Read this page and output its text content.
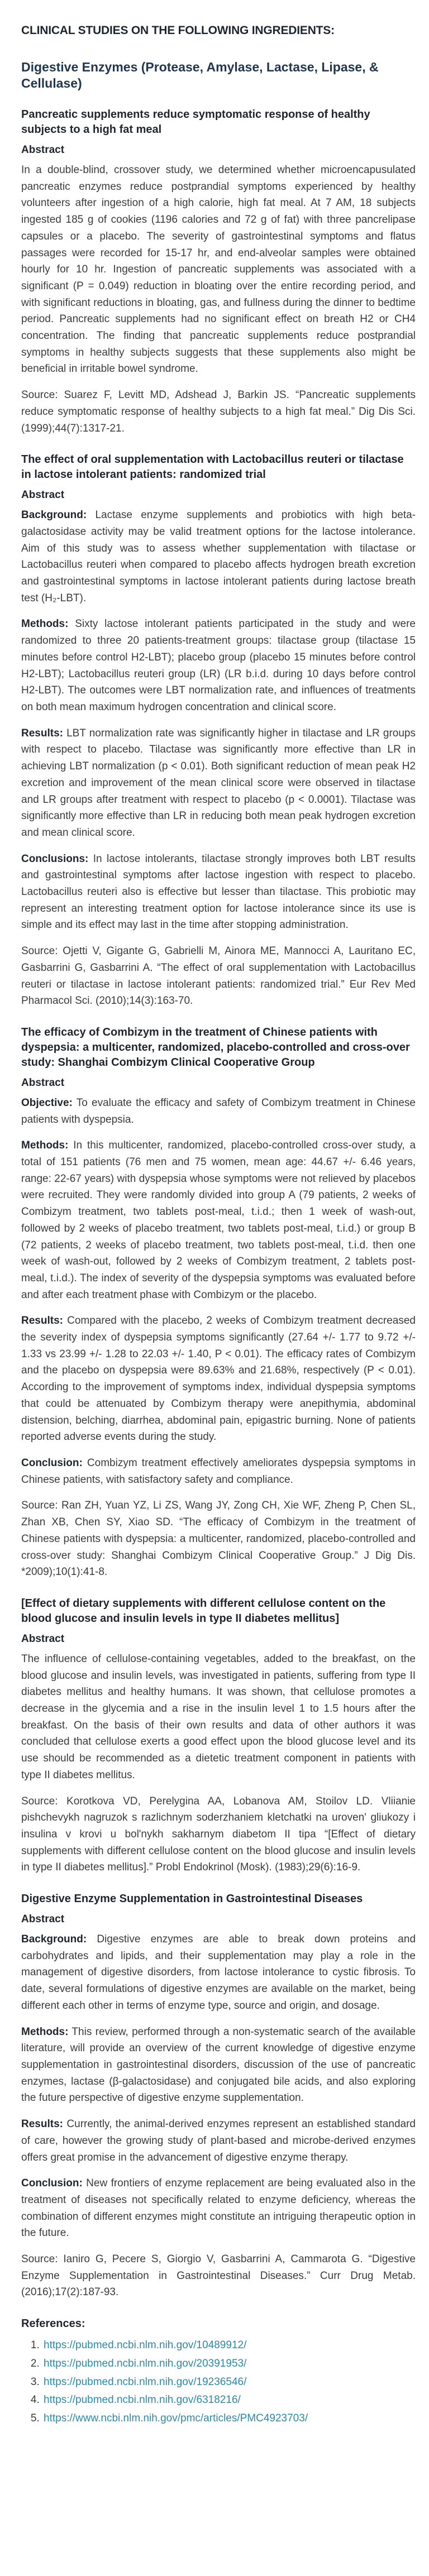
CLINICAL STUDIES ON THE FOLLOWING INGREDIENTS:
Digestive Enzymes (Protease, Amylase, Lactase, Lipase, & Cellulase)
Pancreatic supplements reduce symptomatic response of healthy subjects to a high fat meal
Abstract

In a double-blind, crossover study, we determined whether microencapusulated pancreatic enzymes reduce postprandial symptoms experienced by healthy volunteers after ingestion of a high calorie, high fat meal. At 7 AM, 18 subjects ingested 185 g of cookies (1196 calories and 72 g of fat) with three pancrelipase capsules or a placebo. The severity of gastrointestinal symptoms and flatus passages were recorded for 15-17 hr, and end-alveolar samples were obtained hourly for 10 hr. Ingestion of pancreatic supplements was associated with a significant (P = 0.049) reduction in bloating over the entire recording period, and with significant reductions in bloating, gas, and fullness during the dinner to bedtime period. Pancreatic supplements had no significant effect on breath H2 or CH4 concentration. The finding that pancreatic supplements reduce postprandial symptoms in healthy subjects suggests that these supplements also might be beneficial in irritable bowel syndrome.

Source: Suarez F, Levitt MD, Adshead J, Barkin JS. “Pancreatic supplements reduce symptomatic response of healthy subjects to a high fat meal.” Dig Dis Sci. (1999);44(7):1317-21.

The effect of oral supplementation with Lactobacillus reuteri or tilactase in lactose intolerant patients: randomized trial
Abstract

Background: Lactase enzyme supplements and probiotics with high beta-galactosidase activity may be valid treatment options for the lactose intolerance. Aim of this study was to assess whether supplementation with tilactase or Lactobacillus reuteri when compared to placebo affects hydrogen breath excretion and gastrointestinal symptoms in lactose intolerant patients during lactose breath test (H₂-LBT).

Methods: Sixty lactose intolerant patients participated in the study and were randomized to three 20 patients-treatment groups: tilactase group (tilactase 15 minutes before control H2-LBT); placebo group (placebo 15 minutes before control H2-LBT); Lactobacillus reuteri group (LR) (LR b.i.d. during 10 days before control H2-LBT). The outcomes were LBT normalization rate, and influences of treatments on both mean maximum hydrogen concentration and clinical score.

Results: LBT normalization rate was significantly higher in tilactase and LR groups with respect to placebo. Tilactase was significantly more effective than LR in achieving LBT normalization (p < 0.01). Both significant reduction of mean peak H2 excretion and improvement of the mean clinical score were observed in tilactase and LR groups after treatment with respect to placebo (p < 0.0001). Tilactase was significantly more effective than LR in reducing both mean peak hydrogen excretion and mean clinical score.

Conclusions: In lactose intolerants, tilactase strongly improves both LBT results and gastrointestinal symptoms after lactose ingestion with respect to placebo. Lactobacillus reuteri also is effective but lesser than tilactase. This probiotic may represent an interesting treatment option for lactose intolerance since its use is simple and its effect may last in the time after stopping administration.

Source: Ojetti V, Gigante G, Gabrielli M, Ainora ME, Mannocci A, Lauritano EC, Gasbarrini G, Gasbarrini A. “The effect of oral supplementation with Lactobacillus reuteri or tilactase in lactose intolerant patients: randomized trial.” Eur Rev Med Pharmacol Sci. (2010);14(3):163-70.

The efficacy of Combizym in the treatment of Chinese patients with dyspepsia: a multicenter, randomized, placebo-controlled and cross-over study: Shanghai Combizym Clinical Cooperative Group
Abstract

Objective: To evaluate the efficacy and safety of Combizym treatment in Chinese patients with dyspepsia.

Methods: In this multicenter, randomized, placebo-controlled cross-over study, a total of 151 patients (76 men and 75 women, mean age: 44.67 +/- 6.46 years, range: 22-67 years) with dyspepsia whose symptoms were not relieved by placebos were recruited. They were randomly divided into group A (79 patients, 2 weeks of Combizym treatment, two tablets post-meal, t.i.d.; then 1 week of wash-out, followed by 2 weeks of placebo treatment, two tablets post-meal, t.i.d.) or group B (72 patients, 2 weeks of placebo treatment, two tablets post-meal, t.i.d. then one week of wash-out, followed by 2 weeks of Combizym treatment, 2 tablets post-meal, t.i.d.). The index of severity of the dyspepsia symptoms was evaluated before and after each treatment phase with Combizym or the placebo.

Results: Compared with the placebo, 2 weeks of Combizym treatment decreased the severity index of dyspepsia symptoms significantly (27.64 +/- 1.77 to 9.72 +/- 1.33 vs 23.99 +/- 1.28 to 22.03 +/- 1.40, P < 0.01). The efficacy rates of Combizym and the placebo on dyspepsia were 89.63% and 21.68%, respectively (P < 0.01). According to the improvement of symptoms index, individual dyspepsia symptoms that could be attenuated by Combizym therapy were anepithymia, abdominal distension, belching, diarrhea, abdominal pain, epigastric burning. None of patients reported adverse events during the study.

Conclusion: Combizym treatment effectively ameliorates dyspepsia symptoms in Chinese patients, with satisfactory safety and compliance.

Source: Ran ZH, Yuan YZ, Li ZS, Wang JY, Zong CH, Xie WF, Zheng P, Chen SL, Zhan XB, Chen SY, Xiao SD. “The efficacy of Combizym in the treatment of Chinese patients with dyspepsia: a multicenter, randomized, placebo-controlled and cross-over study: Shanghai Combizym Clinical Cooperative Group.” J Dig Dis. *2009);10(1):41-8.

[Effect of dietary supplements with different cellulose content on the blood glucose and insulin levels in type II diabetes mellitus]
Abstract

The influence of cellulose-containing vegetables, added to the breakfast, on the blood glucose and insulin levels, was investigated in patients, suffering from type II diabetes mellitus and healthy humans. It was shown, that cellulose promotes a decrease in the glycemia and a rise in the insulin level 1 to 1.5 hours after the breakfast. On the basis of their own results and data of other authors it was concluded that cellulose exerts a good effect upon the blood glucose level and its use should be recommended as a dietetic treatment component in patients with type II diabetes mellitus.

Source: Korotkova VD, Perelygina AA, Lobanova AM, Stoilov LD. Vliianie pishchevykh nagruzok s razlichnym soderzhaniem kletchatki na uroven' gliukozy i insulina v krovi u bol'nykh sakharnym diabetom II tipa “[Effect of dietary supplements with different cellulose content on the blood glucose and insulin levels in type II diabetes mellitus].” Probl Endokrinol (Mosk). (1983);29(6):16-9.

Digestive Enzyme Supplementation in Gastrointestinal Diseases
Abstract

Background: Digestive enzymes are able to break down proteins and carbohydrates and lipids, and their supplementation may play a role in the management of digestive disorders, from lactose intolerance to cystic fibrosis. To date, several formulations of digestive enzymes are available on the market, being different each other in terms of enzyme type, source and origin, and dosage.

Methods: This review, performed through a non-systematic search of the available literature, will provide an overview of the current knowledge of digestive enzyme supplementation in gastrointestinal disorders, discussion of the use of pancreatic enzymes, lactase (β-galactosidase) and conjugated bile acids, and also exploring the future perspective of digestive enzyme supplementation.

Results: Currently, the animal-derived enzymes represent an established standard of care, however the growing study of plant-based and microbe-derived enzymes offers great promise in the advancement of digestive enzyme therapy.

Conclusion: New frontiers of enzyme replacement are being evaluated also in the treatment of diseases not specifically related to enzyme deficiency, whereas the combination of different enzymes might constitute an intriguing therapeutic option in the future.

Source: Ianiro G, Pecere S, Giorgio V, Gasbarrini A, Cammarota G. “Digestive Enzyme Supplementation in Gastrointestinal Diseases.” Curr Drug Metab. (2016);17(2):187-93.

References:
1. https://pubmed.ncbi.nlm.nih.gov/10489912/
2. https://pubmed.ncbi.nlm.nih.gov/20391953/
3. https://pubmed.ncbi.nlm.nih.gov/19236546/
4. https://pubmed.ncbi.nlm.nih.gov/6318216/
5. https://www.ncbi.nlm.nih.gov/pmc/articles/PMC4923703/
